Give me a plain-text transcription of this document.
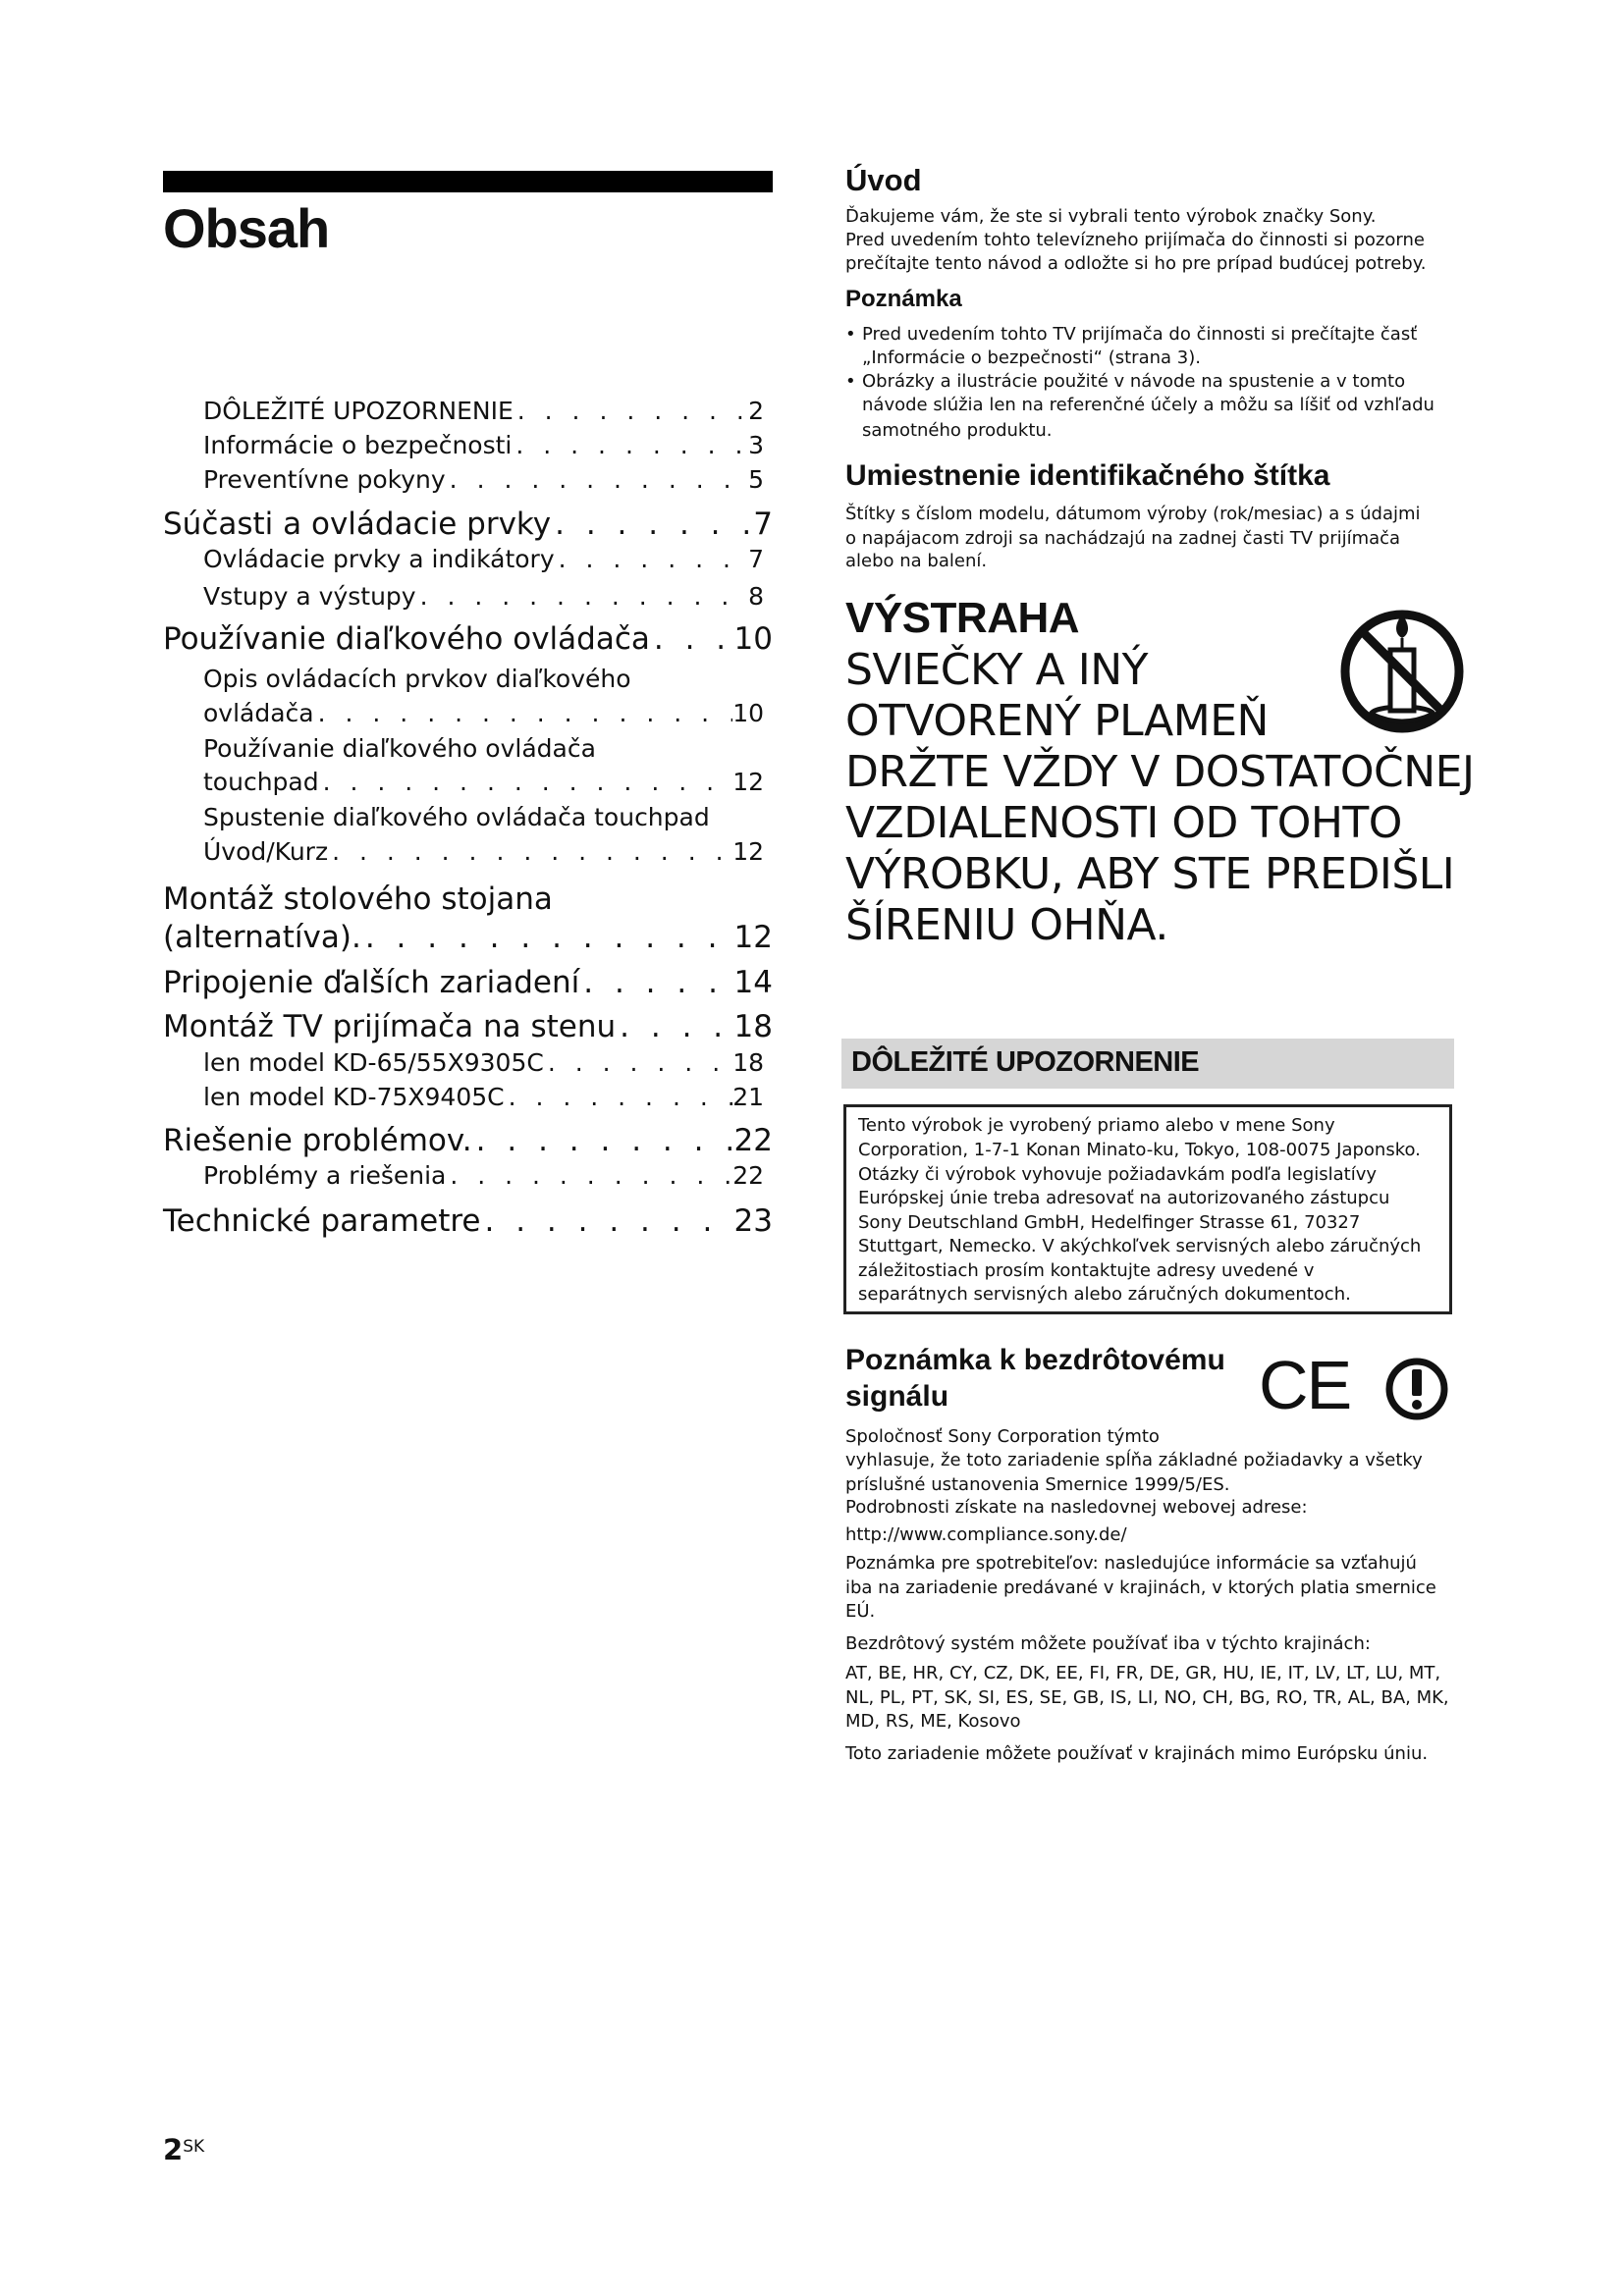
Obsah
DÔLEŽITÉ UPOZORNENIE . . .	2
Informácie o bezpečnosti . . .	3
Preventívne pokyny . . .	5
Súčasti a ovládacie prvky . . .	7
Ovládacie prvky a indikátory . . .	7
Vstupy a výstupy . . .	8
Používanie diaľkového ovládača . . .	10
Opis ovládacích prvkov diaľkového
ovládača . . .	10
Používanie diaľkového ovládača
touchpad . . .	12
Spustenie diaľkového ovládača touchpad
Úvod/Kurz . . .	12
Montáž stolového stojana
(alternatíva). . . .	12
Pripojenie ďalších zariadení . . .	14
Montáž TV prijímača na stenu . . .	18
len model KD-65/55X9305C . . .	18
len model KD-75X9405C . . .	21
Riešenie problémov. . . .	22
Problémy a riešenia . . .	22
Technické parametre . . .	23
Úvod
Ďakujeme vám, že ste si vybrali tento výrobok značky Sony.
Pred uvedením tohto televízneho prijímača do činnosti si pozorne
prečítajte tento návod a odložte si ho pre prípad budúcej potreby.
Poznámka
• Pred uvedením tohto TV prijímača do činnosti si prečítajte časť
„Informácie o bezpečnosti“ (strana 3).
• Obrázky a ilustrácie použité v návode na spustenie a v tomto
návode slúžia len na referenčné účely a môžu sa líšiť od vzhľadu
samotného produktu.
Umiestnenie identifikačného štítka
Štítky s číslom modelu, dátumom výroby (rok/mesiac) a s údajmi
o napájacom zdroji sa nachádzajú na zadnej časti TV prijímača
alebo na balení.
VÝSTRAHA
SVIEČKY A INÝ
OTVORENÝ PLAMEŇ
DRŽTE VŽDY V DOSTATOČNEJ
VZDIALENOSTI OD TOHTO
VÝROBKU, ABY STE PREDIŠLI
ŠÍRENIU OHŇA.
DÔLEŽITÉ UPOZORNENIE
Tento výrobok je vyrobený priamo alebo v mene Sony
Corporation, 1-7-1 Konan Minato-ku, Tokyo, 108-0075 Japonsko.
Otázky či výrobok vyhovuje požiadavkám podľa legislatívy
Európskej únie treba adresovať na autorizovaného zástupcu
Sony Deutschland GmbH, Hedelfinger Strasse 61, 70327
Stuttgart, Nemecko. V akýchkoľvek servisných alebo záručných
záležitostiach prosím kontaktujte adresy uvedené v
separátnych servisných alebo záručných dokumentoch.
Poznámka k bezdrôtovému
signálu	CE
Spoločnosť Sony Corporation týmto
vyhlasuje, že toto zariadenie spĺňa základné požiadavky a všetky
príslušné ustanovenia Smernice 1999/5/ES.
Podrobnosti získate na nasledovnej webovej adrese:
http://www.compliance.sony.de/
Poznámka pre spotrebiteľov: nasledujúce informácie sa vzťahujú
iba na zariadenie predávané v krajinách, v ktorých platia smernice
EÚ.
Bezdrôtový systém môžete používať iba v týchto krajinách:
AT, BE, HR, CY, CZ, DK, EE, FI, FR, DE, GR, HU, IE, IT, LV, LT, LU, MT,
NL, PL, PT, SK, SI, ES, SE, GB, IS, LI, NO, CH, BG, RO, TR, AL, BA, MK,
MD, RS, ME, Kosovo
Toto zariadenie môžete používať v krajinách mimo Európsku úniu.
$2^{SK}$
